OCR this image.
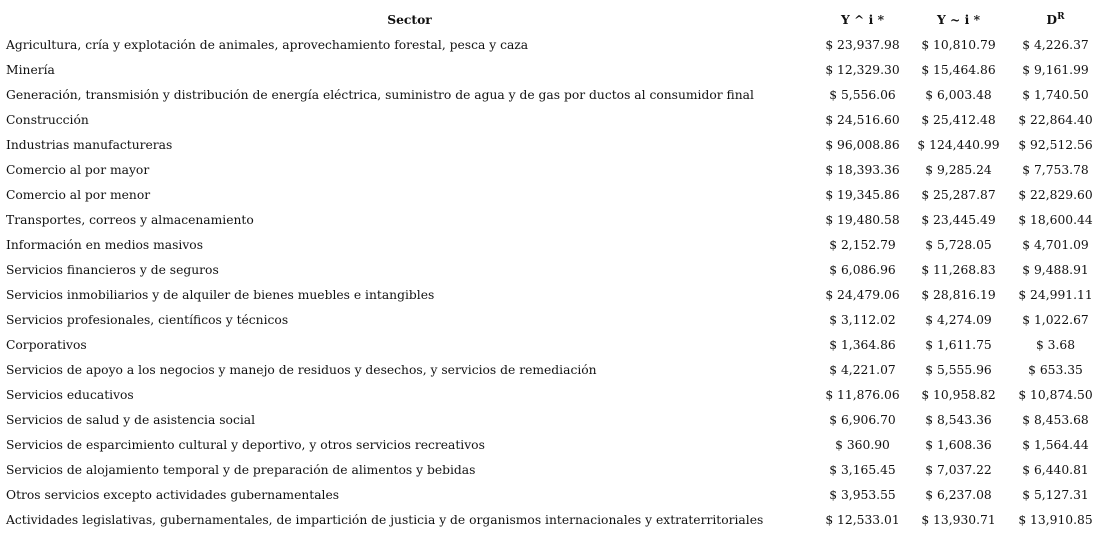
Sector	Y ^ i *	Y ~ i *	$D^R$
Agricultura, cría y explotación de animales, aprovechamiento forestal, pesca y caza	$ 23,937.98	$ 10,810.79	$ 4,226.37
Minería	$ 12,329.30	$ 15,464.86	$ 9,161.99
Generación, transmisión y distribución de energía eléctrica, suministro de agua y de gas por ductos al consumidor final	$ 5,556.06	$ 6,003.48	$ 1,740.50
Construcción	$ 24,516.60	$ 25,412.48	$ 22,864.40
Industrias manufactureras	$ 96,008.86	$ 124,440.99	$ 92,512.56
Comercio al por mayor	$ 18,393.36	$ 9,285.24	$ 7,753.78
Comercio al por menor	$ 19,345.86	$ 25,287.87	$ 22,829.60
Transportes, correos y almacenamiento	$ 19,480.58	$ 23,445.49	$ 18,600.44
Información en medios masivos	$ 2,152.79	$ 5,728.05	$ 4,701.09
Servicios financieros y de seguros	$ 6,086.96	$ 11,268.83	$ 9,488.91
Servicios inmobiliarios y de alquiler de bienes muebles e intangibles	$ 24,479.06	$ 28,816.19	$ 24,991.11
Servicios profesionales, científicos y técnicos	$ 3,112.02	$ 4,274.09	$ 1,022.67
Corporativos	$ 1,364.86	$ 1,611.75	$ 3.68
Servicios de apoyo a los negocios y manejo de residuos y desechos, y servicios de remediación	$ 4,221.07	$ 5,555.96	$ 653.35
Servicios educativos	$ 11,876.06	$ 10,958.82	$ 10,874.50
Servicios de salud y de asistencia social	$ 6,906.70	$ 8,543.36	$ 8,453.68
Servicios de esparcimiento cultural y deportivo, y otros servicios recreativos	$ 360.90	$ 1,608.36	$ 1,564.44
Servicios de alojamiento temporal y de preparación de alimentos y bebidas	$ 3,165.45	$ 7,037.22	$ 6,440.81
Otros servicios excepto actividades gubernamentales	$ 3,953.55	$ 6,237.08	$ 5,127.31
Actividades legislativas, gubernamentales, de impartición de justicia y de organismos internacionales y extraterritoriales	$ 12,533.01	$ 13,930.71	$ 13,910.85
